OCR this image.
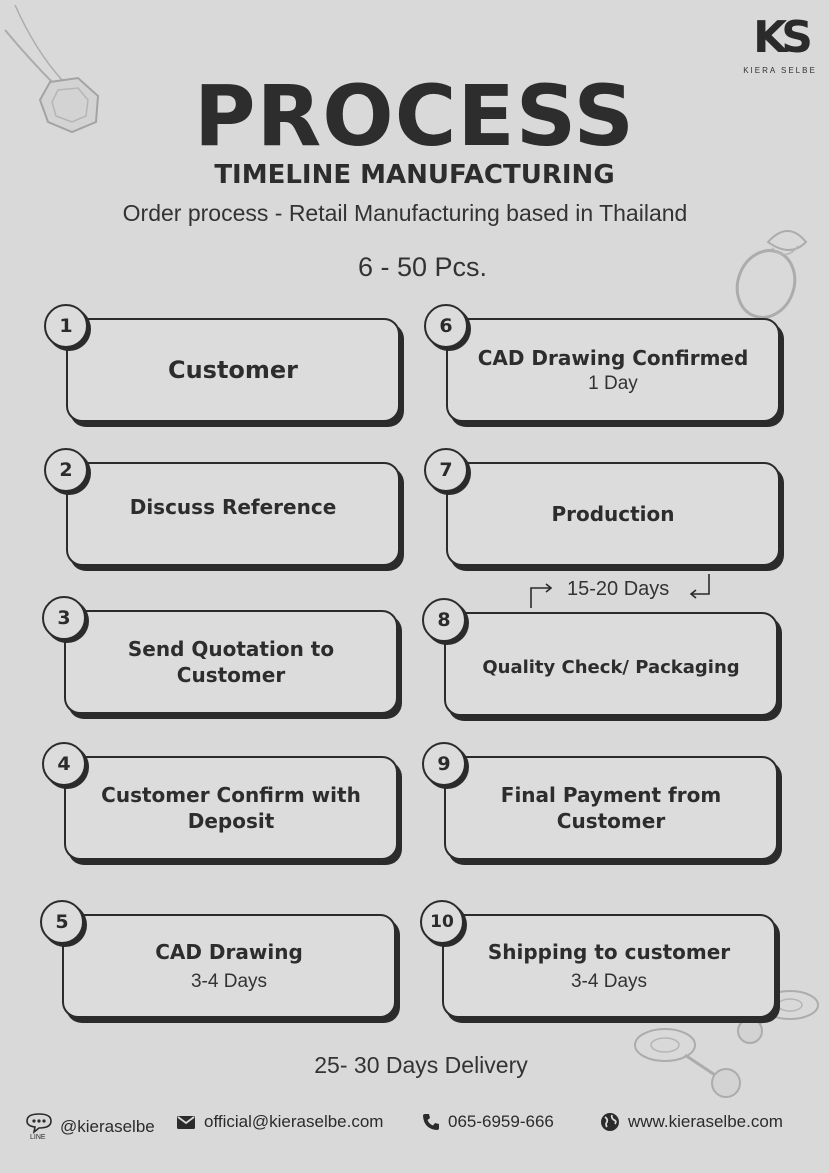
KS
KIERA SELBE
PROCESS
TIMELINE MANUFACTURING
Order process - Retail Manufacturing based in Thailand
6 - 50 Pcs.
1
Customer
2
Discuss Reference
3
Send Quotation to Customer
4
Customer Confirm with Deposit
5
CAD Drawing
3-4 Days
6
CAD Drawing Confirmed
1 Day
7
Production
8
Quality Check/ Packaging
9
Final Payment from Customer
10
Shipping to customer
3-4 Days
15-20 Days
25- 30 Days Delivery
LINE
@kieraselbe	official@kieraselbe.com	065-6959-666	www.kieraselbe.com
